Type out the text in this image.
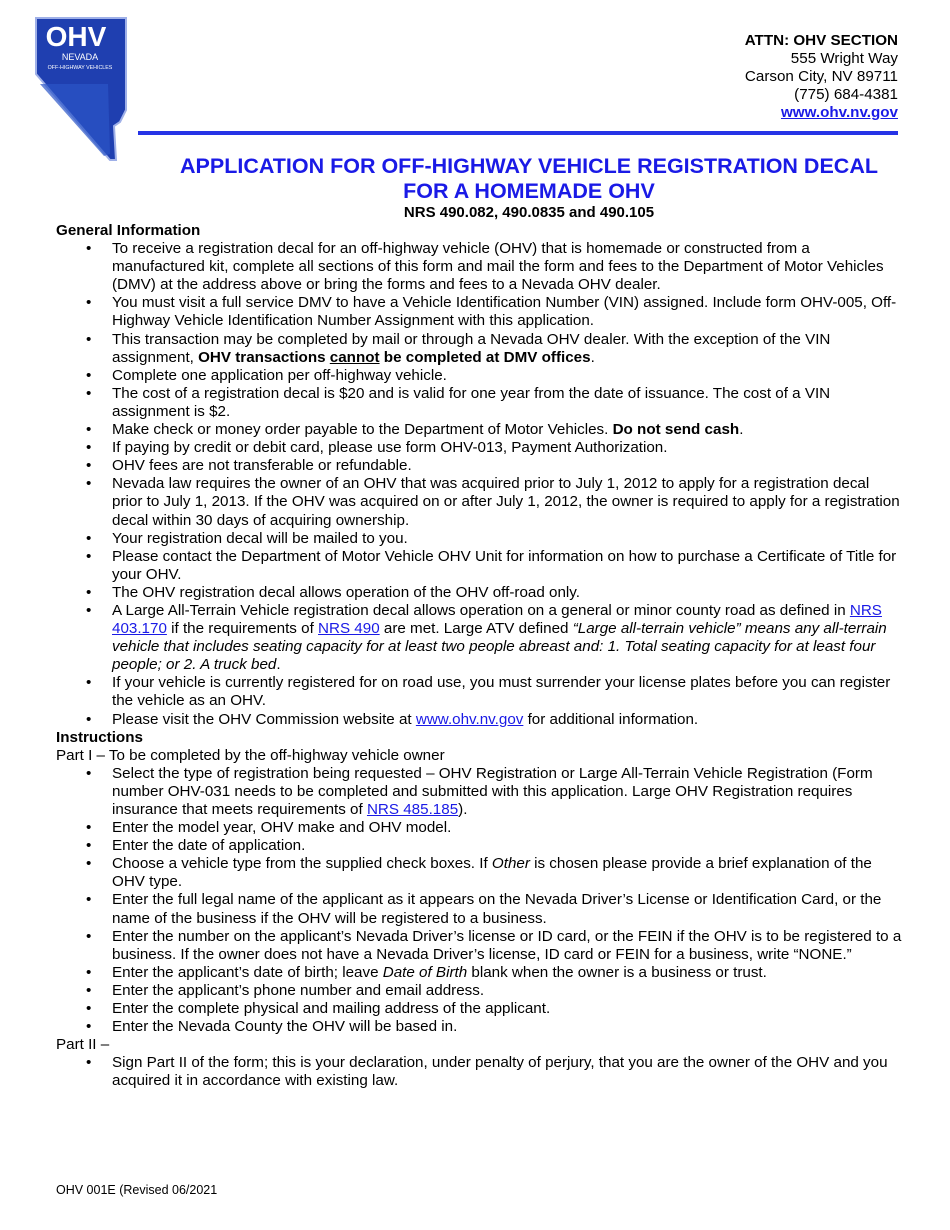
OHV
NEVADA
OFF-HIGHWAY VEHICLES
ATTN: OHV SECTION
555 Wright Way
Carson City, NV 89711
(775) 684-4381
www.ohv.nv.gov
APPLICATION FOR OFF-HIGHWAY VEHICLE REGISTRATION DECAL
FOR A HOMEMADE OHV
NRS 490.082, 490.0835 and 490.105
General Information
• To receive a registration decal for an off-highway vehicle (OHV) that is homemade or constructed from a manufactured kit, complete all sections of this form and mail the form and fees to the Department of Motor Vehicles (DMV) at the address above or bring the forms and fees to a Nevada OHV dealer.
• You must visit a full service DMV to have a Vehicle Identification Number (VIN) assigned. Include form OHV-005, Off-Highway Vehicle Identification Number Assignment with this application.
• This transaction may be completed by mail or through a Nevada OHV dealer. With the exception of the VIN assignment, OHV transactions cannot be completed at DMV offices.
• Complete one application per off-highway vehicle.
• The cost of a registration decal is $20 and is valid for one year from the date of issuance. The cost of a VIN assignment is $2.
• Make check or money order payable to the Department of Motor Vehicles. Do not send cash.
• If paying by credit or debit card, please use form OHV-013, Payment Authorization.
• OHV fees are not transferable or refundable.
• Nevada law requires the owner of an OHV that was acquired prior to July 1, 2012 to apply for a registration decal prior to July 1, 2013. If the OHV was acquired on or after July 1, 2012, the owner is required to apply for a registration decal within 30 days of acquiring ownership.
• Your registration decal will be mailed to you.
• Please contact the Department of Motor Vehicle OHV Unit for information on how to purchase a Certificate of Title for your OHV.
• The OHV registration decal allows operation of the OHV off-road only.
• A Large All-Terrain Vehicle registration decal allows operation on a general or minor county road as defined in NRS 403.170 if the requirements of NRS 490 are met. Large ATV defined “Large all-terrain vehicle” means any all-terrain vehicle that includes seating capacity for at least two people abreast and: 1. Total seating capacity for at least four people; or 2. A truck bed.
• If your vehicle is currently registered for on road use, you must surrender your license plates before you can register the vehicle as an OHV.
• Please visit the OHV Commission website at www.ohv.nv.gov for additional information.
Instructions
Part I – To be completed by the off-highway vehicle owner
• Select the type of registration being requested – OHV Registration or Large All-Terrain Vehicle Registration (Form number OHV-031 needs to be completed and submitted with this application. Large OHV Registration requires insurance that meets requirements of NRS 485.185).
• Enter the model year, OHV make and OHV model.
• Enter the date of application.
• Choose a vehicle type from the supplied check boxes. If Other is chosen please provide a brief explanation of the OHV type.
• Enter the full legal name of the applicant as it appears on the Nevada Driver’s License or Identification Card, or the name of the business if the OHV will be registered to a business.
• Enter the number on the applicant’s Nevada Driver’s license or ID card, or the FEIN if the OHV is to be registered to a business. If the owner does not have a Nevada Driver’s license, ID card or FEIN for a business, write “NONE.”
• Enter the applicant’s date of birth; leave Date of Birth blank when the owner is a business or trust.
• Enter the applicant’s phone number and email address.
• Enter the complete physical and mailing address of the applicant.
• Enter the Nevada County the OHV will be based in.
Part II –
• Sign Part II of the form; this is your declaration, under penalty of perjury, that you are the owner of the OHV and you acquired it in accordance with existing law.
OHV 001E (Revised 06/2021
